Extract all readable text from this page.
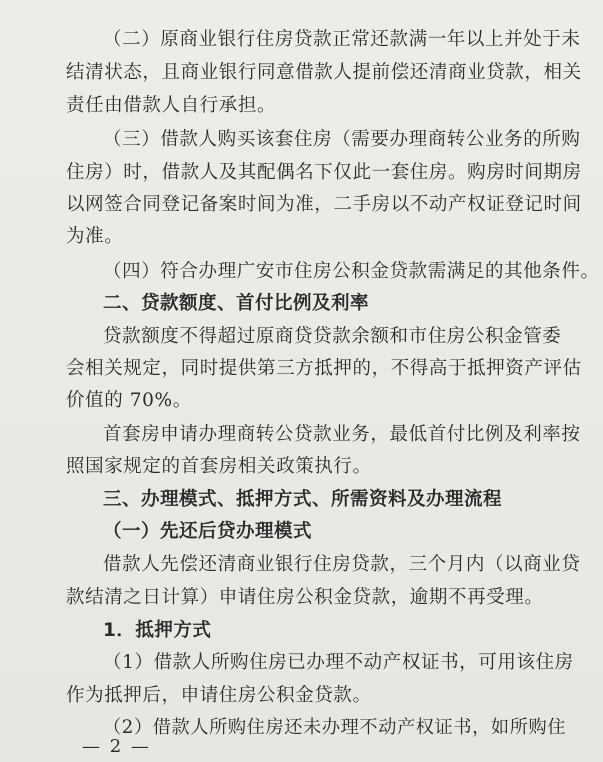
（二）原商业银行住房贷款正常还款满一年以上并处于未
结清状态，且商业银行同意借款人提前偿还清商业贷款，相关
责任由借款人自行承担。
（三）借款人购买该套住房（需要办理商转公业务的所购
住房）时，借款人及其配偶名下仅此一套住房。购房时间期房
以网签合同登记备案时间为准，二手房以不动产权证登记时间
为准。
（四）符合办理广安市住房公积金贷款需满足的其他条件。
二、贷款额度、首付比例及利率
贷款额度不得超过原商贷贷款余额和市住房公积金管委
会相关规定，同时提供第三方抵押的，不得高于抵押资产评估
价值的 70%。
首套房申请办理商转公贷款业务，最低首付比例及利率按
照国家规定的首套房相关政策执行。
三、办理模式、抵押方式、所需资料及办理流程
（一）先还后贷办理模式
借款人先偿还清商业银行住房贷款，三个月内（以商业贷
款结清之日计算）申请住房公积金贷款，逾期不再受理。
1．抵押方式
（1）借款人所购住房已办理不动产权证书，可用该住房
作为抵押后，申请住房公积金贷款。
（2）借款人所购住房还未办理不动产权证书，如所购住
— 2 —
